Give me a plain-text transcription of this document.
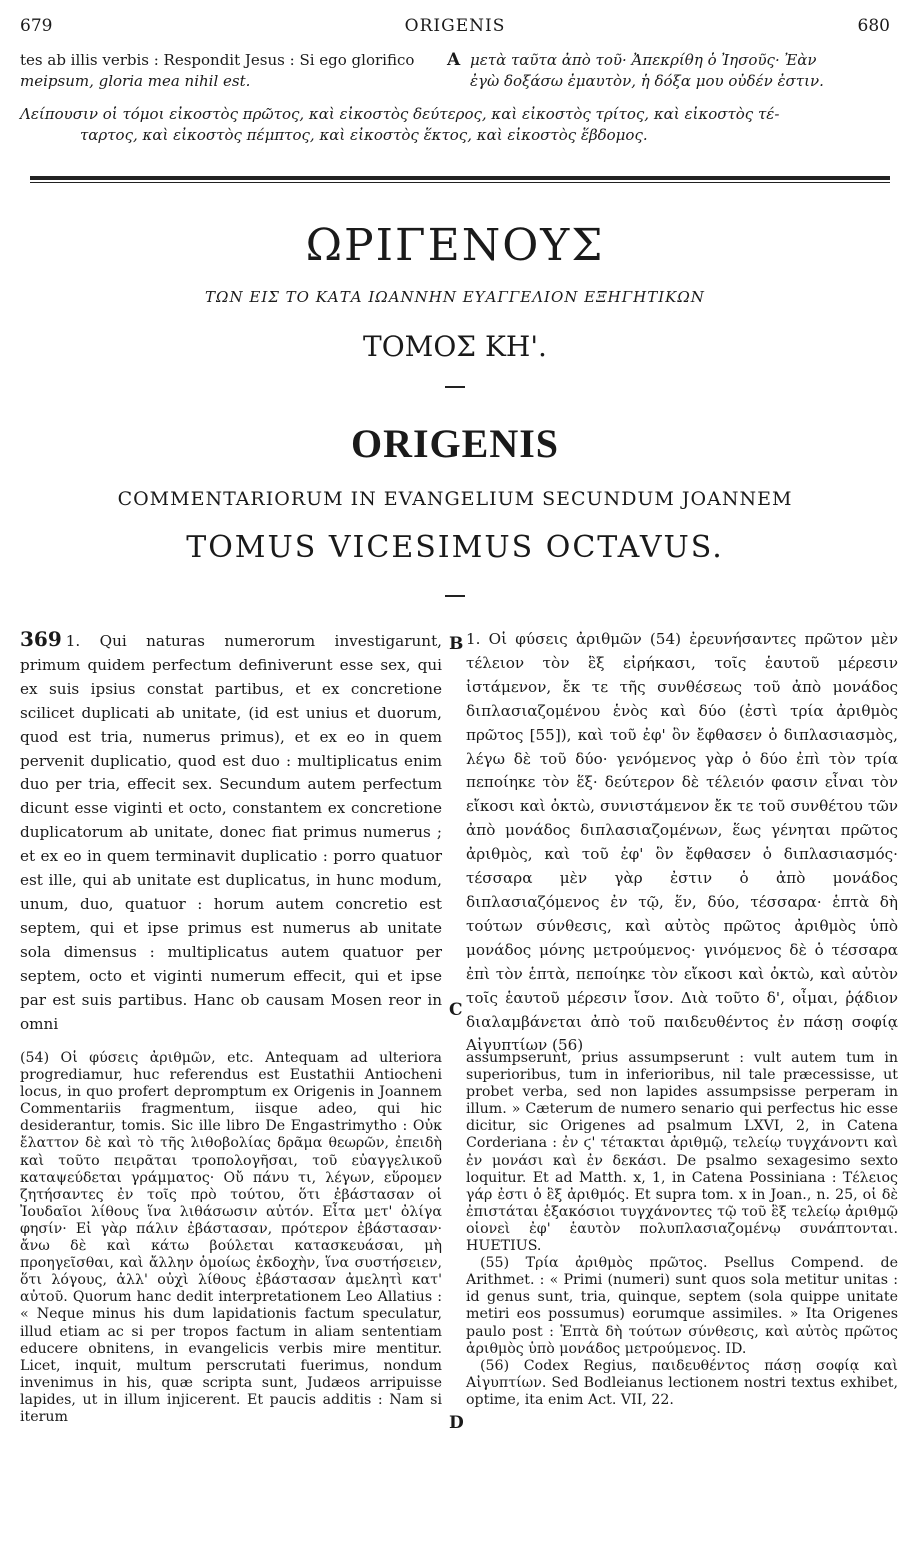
679	ORIGENIS	680
tes ab illis verbis : Respondit Jesus : Si ego glorifico
meipsum, gloria mea nihil est.
A μετὰ ταῦτα ἀπὸ τοῦ· Ἀπεκρίθη ὁ Ἰησοῦς· Ἐὰν
ἐγὼ δοξάσω ἐμαυτὸν, ἡ δόξα μου οὐδέν ἐστιν.
Λείπουσιν οἱ τόμοι εἰκοστὸς πρῶτος, καὶ εἰκοστὸς δεύτερος, καὶ εἰκοστὸς τρίτος, καὶ εἰκοστὸς τέ-
ταρτος, καὶ εἰκοστὸς πέμπτος, καὶ εἰκοστὸς ἕκτος, καὶ εἰκοστὸς ἕβδομος.
ΩΡΙΓΕΝΟΥΣ
ΤΩΝ ΕΙΣ ΤΟ ΚΑΤΑ ΙΩΑΝΝΗΝ ΕΥΑΓΓΕΛΙΟΝ ΕΞΗΓΗΤΙΚΩΝ
ΤΟΜΟΣ ΚΗ'.
ORIGENIS
COMMENTARIORUM IN EVANGELIUM SECUNDUM JOANNEM
TOMUS VICESIMUS OCTAVUS.
369 1. Qui naturas numerorum investigarunt, primum quidem perfectum definiverunt esse sex, qui ex suis ipsius constat partibus, et ex concretione scilicet duplicati ab unitate, (id est unius et duorum, quod est tria, numerus primus), et ex eo in quem pervenit duplicatio, quod est duo : multiplicatus enim duo per tria, effecit sex. Secundum autem perfectum dicunt esse viginti et octo, constantem ex concretione duplicatorum ab unitate, donec fiat primus numerus ; et ex eo in quem terminavit duplicatio : porro quatuor est ille, qui ab unitate est duplicatus, in hunc modum, unum, duo, quatuor : horum autem concretio est septem, qui et ipse primus est numerus ab unitate sola dimensus : multiplicatus autem quatuor per septem, octo et viginti numerum effecit, qui et ipse par est suis partibus. Hanc ob causam Mosen reor in omni
1. Οἱ φύσεις ἀριθμῶν (54) ἐρευνήσαντες πρῶτον μὲν τέλειον τὸν ἓξ εἰρήκασι, τοῖς ἑαυτοῦ μέρεσιν ἱστάμενον, ἔκ τε τῆς συνθέσεως τοῦ ἀπὸ μονάδος διπλασιαζομένου ἑνὸς καὶ δύο (ἐστὶ τρία ἀριθμὸς πρῶτος [55]), καὶ τοῦ ἐφ' ὃν ἔφθασεν ὁ διπλασιασμὸς, λέγω δὲ τοῦ δύο· γενόμενος γὰρ ὁ δύο ἐπὶ τὸν τρία πεποίηκε τὸν ἕξ· δεύτερον δὲ τέλειόν φασιν εἶναι τὸν εἴκοσι καὶ ὀκτὼ, συνιστάμενον ἔκ τε τοῦ συνθέτου τῶν ἀπὸ μονάδος διπλασιαζομένων, ἕως γένηται πρῶτος ἀριθμὸς, καὶ τοῦ ἐφ' ὃν ἔφθασεν ὁ διπλασιασμός· τέσσαρα μὲν γὰρ ἐστιν ὁ ἀπὸ μονάδος διπλασιαζόμενος ἐν τῷ, ἕν, δύο, τέσσαρα· ἑπτὰ δὴ τούτων σύνθεσις, καὶ αὐτὸς πρῶτος ἀριθμὸς ὑπὸ μονάδος μόνης μετρούμενος· γινόμενος δὲ ὁ τέσσαρα ἐπὶ τὸν ἑπτὰ, πεποίηκε τὸν εἴκοσι καὶ ὀκτὼ, καὶ αὐτὸν τοῖς ἑαυτοῦ μέρεσιν ἴσον. Διὰ τοῦτο δ', οἶμαι, ῥᾴδιον διαλαμβάνεται ἀπὸ τοῦ παιδευθέντος ἐν πάσῃ σοφίᾳ Αἰγυπτίων (56)
B
C
D
(54) Οἱ φύσεις ἀριθμῶν, etc. Antequam ad ulteriora progrediamur, huc referendus est Eustathii Antiocheni locus, in quo profert depromptum ex Origenis in Joannem Commentariis fragmentum, iisque adeo, qui hic desiderantur, tomis. Sic ille libro De Engastrimytho : Οὐκ ἔλαττον δὲ καὶ τὸ τῆς λιθοβολίας δρᾶμα θεωρῶν, ἐπειδὴ καὶ τοῦτο πειρᾶται τροπολογῆσαι, τοῦ εὐαγγελικοῦ καταψεύδεται γράμματος· Οὔ πάνυ τι, λέγων, εὕρομεν ζητήσαντες ἐν τοῖς πρὸ τούτου, ὅτι ἐβάστασαν οἱ Ἰουδαῖοι λίθους ἵνα λιθάσωσιν αὐτόν. Εἶτα μετ' ὀλίγα φησίν· Εἰ γὰρ πάλιν ἐβάστασαν, πρότερον ἐβάστασαν· ἄνω δὲ καὶ κάτω βούλεται κατασκευάσαι, μὴ προηγεῖσθαι, καὶ ἄλλην ὁμοίως ἐκδοχὴν, ἵνα συστήσειεν, ὅτι λόγους, ἀλλ' οὐχὶ λίθους ἐβάστασαν ἀμελητὶ κατ' αὐτοῦ. Quorum hanc dedit interpretationem Leo Allatius : « Neque minus his dum lapidationis factum speculatur, illud etiam ac si per tropos factum in aliam sententiam educere obnitens, in evangelicis verbis mire mentitur. Licet, inquit, multum perscrutati fuerimus, nondum invenimus in his, quæ scripta sunt, Judæos arripuisse lapides, ut in illum injicerent. Et paucis additis : Nam si iterum
assumpserunt, prius assumpserunt : vult autem tum in superioribus, tum in inferioribus, nil tale præcessisse, ut probet verba, sed non lapides assumpsisse perperam in illum. » Cæterum de numero senario qui perfectus hic esse dicitur, sic Origenes ad psalmum LXVI, 2, in Catena Corderiana : ἐν ϛ' τέτακται ἀριθμῷ, τελείῳ τυγχάνοντι καὶ ἐν μονάσι καὶ ἐν δεκάσι. De psalmo sexagesimo sexto loquitur. Et ad Matth. x, 1, in Catena Possiniana : Τέλειος γάρ ἐστι ὁ ἓξ ἀριθμός. Et supra tom. x in Joan., n. 25, οἱ δὲ ἐπιστάται ἑξακόσιοι τυγχάνοντες τῷ τοῦ ἓξ τελείῳ ἀριθμῷ οἱονεὶ ἐφ' ἑαυτὸν πολυπλασιαζομένῳ συνάπτονται. HUETIUS.
(55) Τρία ἀριθμὸς πρῶτος. Psellus Compend. de Arithmet. : « Primi (numeri) sunt quos sola metitur unitas : id genus sunt, tria, quinque, septem (sola quippe unitate metiri eos possumus) eorumque assimiles. » Ita Origenes paulo post : Ἑπτὰ δὴ τούτων σύνθεσις, καὶ αὐτὸς πρῶτος ἀριθμὸς ὑπὸ μονάδος μετρούμενος. ID.
(56) Codex Regius, παιδευθέντος πάσῃ σοφίᾳ καὶ Αἰγυπτίων. Sed Bodleianus lectionem nostri textus exhibet, optime, ita enim Act. VII, 22.
